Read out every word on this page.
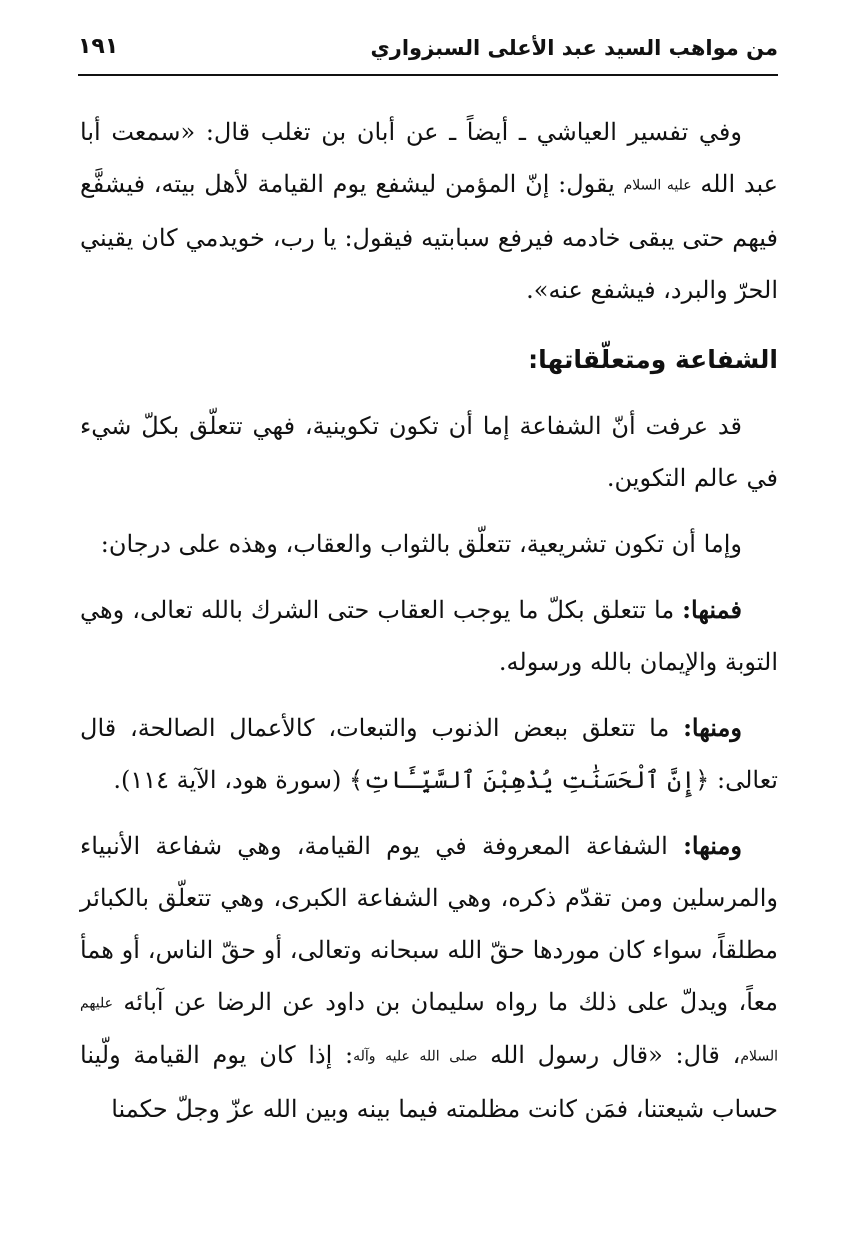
من مواهب السيد عبد الأعلى السبزواري
١٩١

وفي تفسير العياشي ـ أيضاً ـ عن أبان بن تغلب قال: «سمعت أبا عبد الله عليه السلام يقول: إنّ المؤمن ليشفع يوم القيامة لأهل بيته، فيشفَّع فيهم حتى يبقى خادمه فيرفع سبابتيه فيقول: يا رب، خويدمي كان يقيني الحرّ والبرد، فيشفع عنه».

الشفاعة ومتعلّقاتها:

قد عرفت أنّ الشفاعة إما أن تكون تكوينية، فهي تتعلّق بكلّ شيء في عالم التكوين.

وإما أن تكون تشريعية، تتعلّق بالثواب والعقاب، وهذه على درجان:

فمنها: ما تتعلق بكلّ ما يوجب العقاب حتى الشرك بالله تعالى، وهي التوبة والإيمان بالله ورسوله.

ومنها: ما تتعلق ببعض الذنوب والتبعات، كالأعمال الصالحة، قال تعالى: ﴿إِنَّ ٱلْحَسَنَٰتِ يُذْهِبْنَ ٱلسَّيِّـَٔاتِ﴾ (سورة هود، الآية ١١٤).

ومنها: الشفاعة المعروفة في يوم القيامة، وهي شفاعة الأنبياء والمرسلين ومن تقدّم ذكره، وهي الشفاعة الكبرى، وهي تتعلّق بالكبائر مطلقاً، سواء كان موردها حقّ الله سبحانه وتعالى، أو حقّ الناس، أو همأ معاً، ويدلّ على ذلك ما رواه سليمان بن داود عن الرضا عن آبائه عليهم السلام، قال: «قال رسول الله صلى الله عليه وآله: إذا كان يوم القيامة ولّينا حساب شيعتنا، فمَن كانت مظلمته فيما بينه وبين الله عزّ وجلّ حكمنا
